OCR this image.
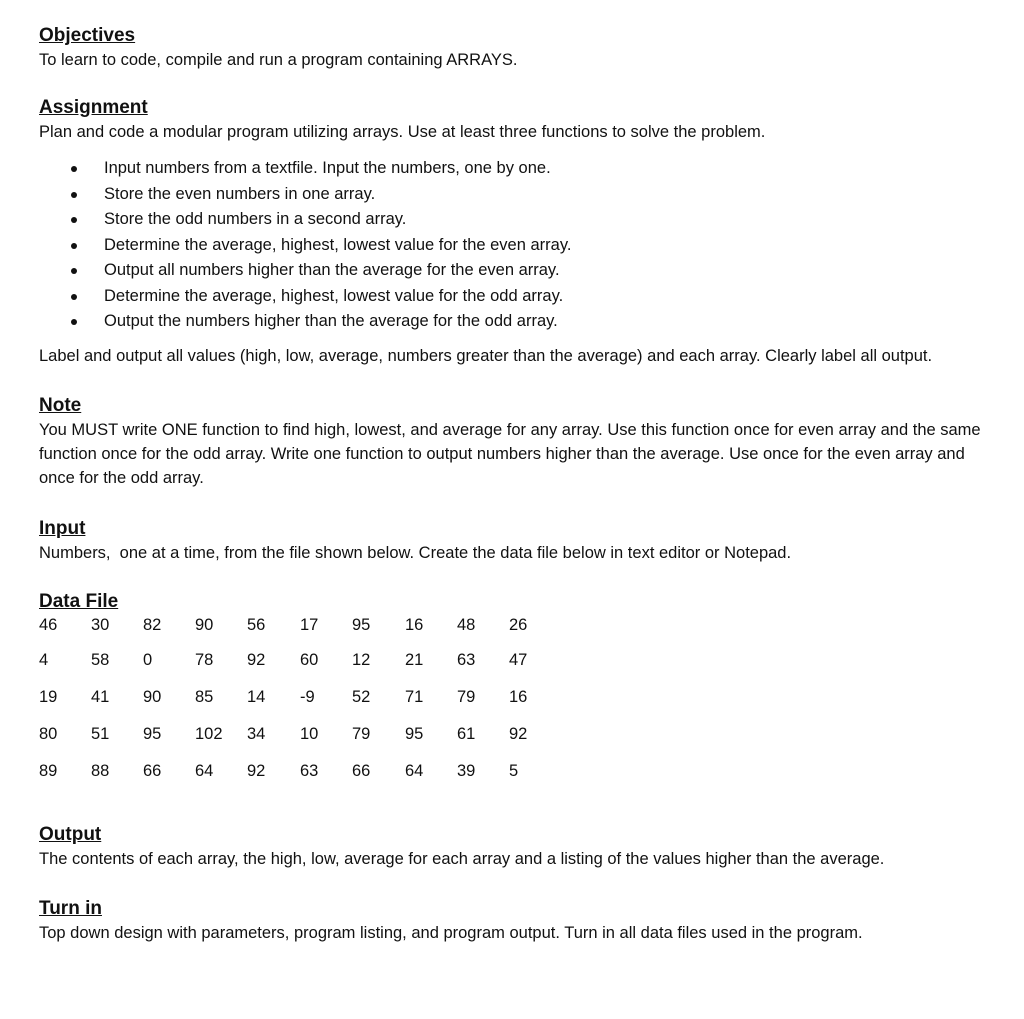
Objectives

To learn to code, compile and run a program containing ARRAYS.

Assignment

Plan and code a modular program utilizing arrays. Use at least three functions to solve the problem.

Input numbers from a textfile. Input the numbers, one by one.
Store the even numbers in one array.
Store the odd numbers in a second array.
Determine the average, highest, lowest value for the even array.
Output all numbers higher than the average for the even array.
Determine the average, highest, lowest value for the odd array.
Output the numbers higher than the average for the odd array.

Label and output all values (high, low, average, numbers greater than the average) and each array. Clearly label all output.

Note

You MUST write ONE function to find high, lowest, and average for any array. Use this function once for even array and the same function once for the odd array. Write one function to output numbers higher than the average. Use once for the even array and once for the odd array.

Input

Numbers,  one at a time, from the file shown below. Create the data file below in text editor or Notepad.

Data File

46	30	82	90	56	17	95	16	48	26
4	58	0	78	92	60	12	21	63	47
19	41	90	85	14	-9	52	71	79	16
80	51	95	102	34	10	79	95	61	92
89	88	66	64	92	63	66	64	39	5

Output

The contents of each array, the high, low, average for each array and a listing of the values higher than the average.

Turn in

Top down design with parameters, program listing, and program output. Turn in all data files used in the program.
